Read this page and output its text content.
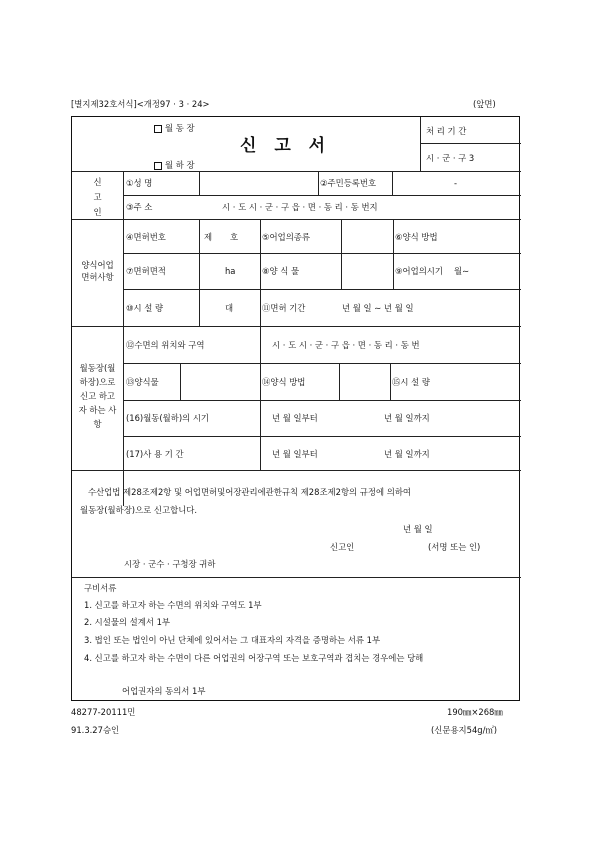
[별지제32호서식]<개정97 · 3 · 24>	(앞면)
월 동 장
신 고 서
월 하 장
처 리 기 간
시 · 군 · 구 3
신
고
인
①성 명	②주민등록번호	-
③주 소	시 · 도 시 · 군 · 구 읍 · 면 · 동 리 · 동 번지
양식어업
면허사항
④면허번호	제 호	⑤어업의종류	⑥양식 방법
⑦면허면적	ha	⑧양 식 물	⑨어업의시기 월∼
⑩시 설 량	대	⑪면허 기간	년 월 일 ∼ 년 월 일
월동장(월
하장)으로
신고 하고
자 하는 사
항
⑫수면의 위치와 구역	시 · 도 시 · 군 · 구 읍 · 면 · 동 리 · 동 번
⑬양식물	⑭양식 방법	⑮시 설 량
(16)월동(월하)의 시기	년 월 일부터	년 월 일까지
(17)사 용 기 간	년 월 일부터	년 월 일까지
수산업법 제28조제2항 및 어업면허및어장관리에관한규칙 제28조제2항의 규정에 의하여
월동장(월하장)으로 신고합니다.
년 월 일
신고인	(서명 또는 인)
시장 · 군수 · 구청장 귀하
구비서류
1. 신고를 하고자 하는 수면의 위치와 구역도 1부
2. 시설물의 설계서 1부
3. 법인 또는 법인이 아닌 단체에 있어서는 그 대표자의 자격을 증명하는 서류 1부
4. 신고를 하고자 하는 수면이 다른 어업권의 어장구역 또는 보호구역과 겹치는 경우에는 당해
어업권자의 동의서 1부
48277-20111민	190㎜×268㎜
91.3.27승인	(신문용지54g/㎡)
